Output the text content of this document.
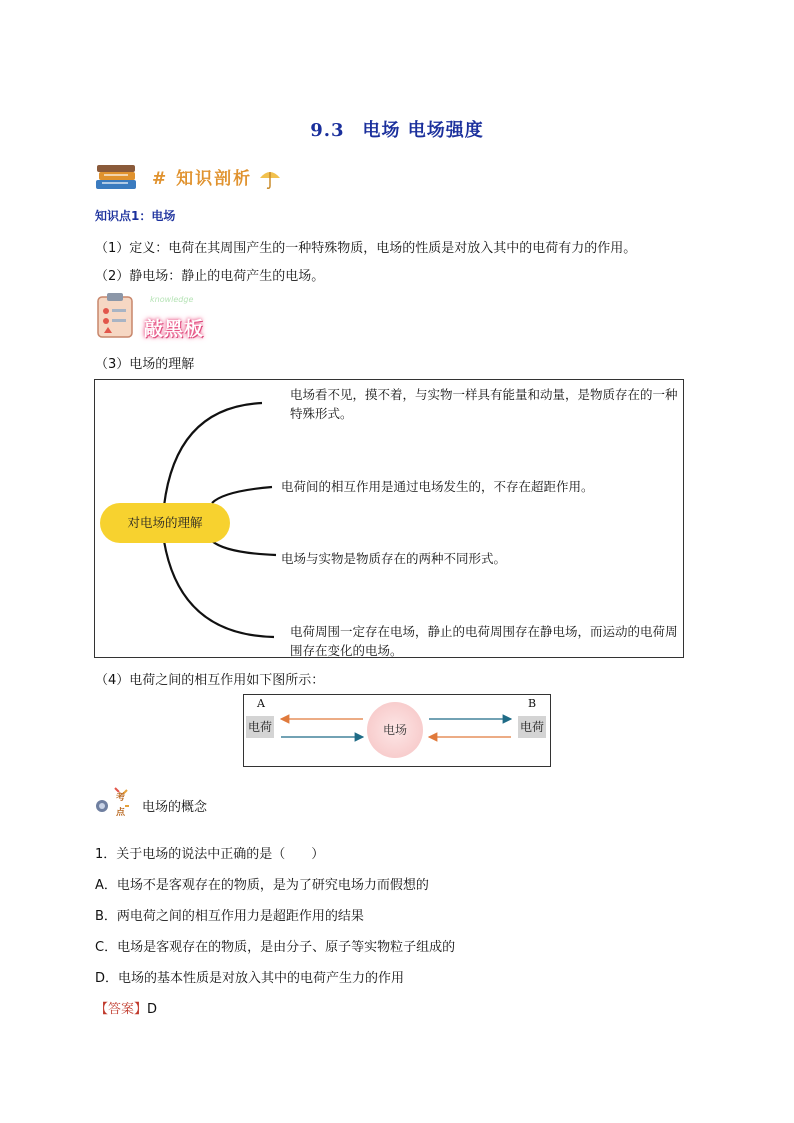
9.3 电场 电场强度
# 知识剖析
知识点1：电场
（1）定义：电荷在其周围产生的一种特殊物质，电场的性质是对放入其中的电荷有力的作用。
（2）静电场：静止的电荷产生的电场。
knowledge
敲黑板
（3）电场的理解
对电场的理解
电场看不见，摸不着，与实物一样具有能量和动量，是物质存在的一种特殊形式。
电荷间的相互作用是通过电场发生的，不存在超距作用。
电场与实物是物质存在的两种不同形式。
电荷周围一定存在电场，静止的电荷周围存在静电场，而运动的电荷周围存在变化的电场。
（4）电荷之间的相互作用如下图所示：
A	B
电荷	电荷
电场
考
点 电场的概念
1．关于电场的说法中正确的是（　　）
A．电场不是客观存在的物质，是为了研究电场力而假想的
B．两电荷之间的相互作用力是超距作用的结果
C．电场是客观存在的物质，是由分子、原子等实物粒子组成的
D．电场的基本性质是对放入其中的电荷产生力的作用
【答案】D
